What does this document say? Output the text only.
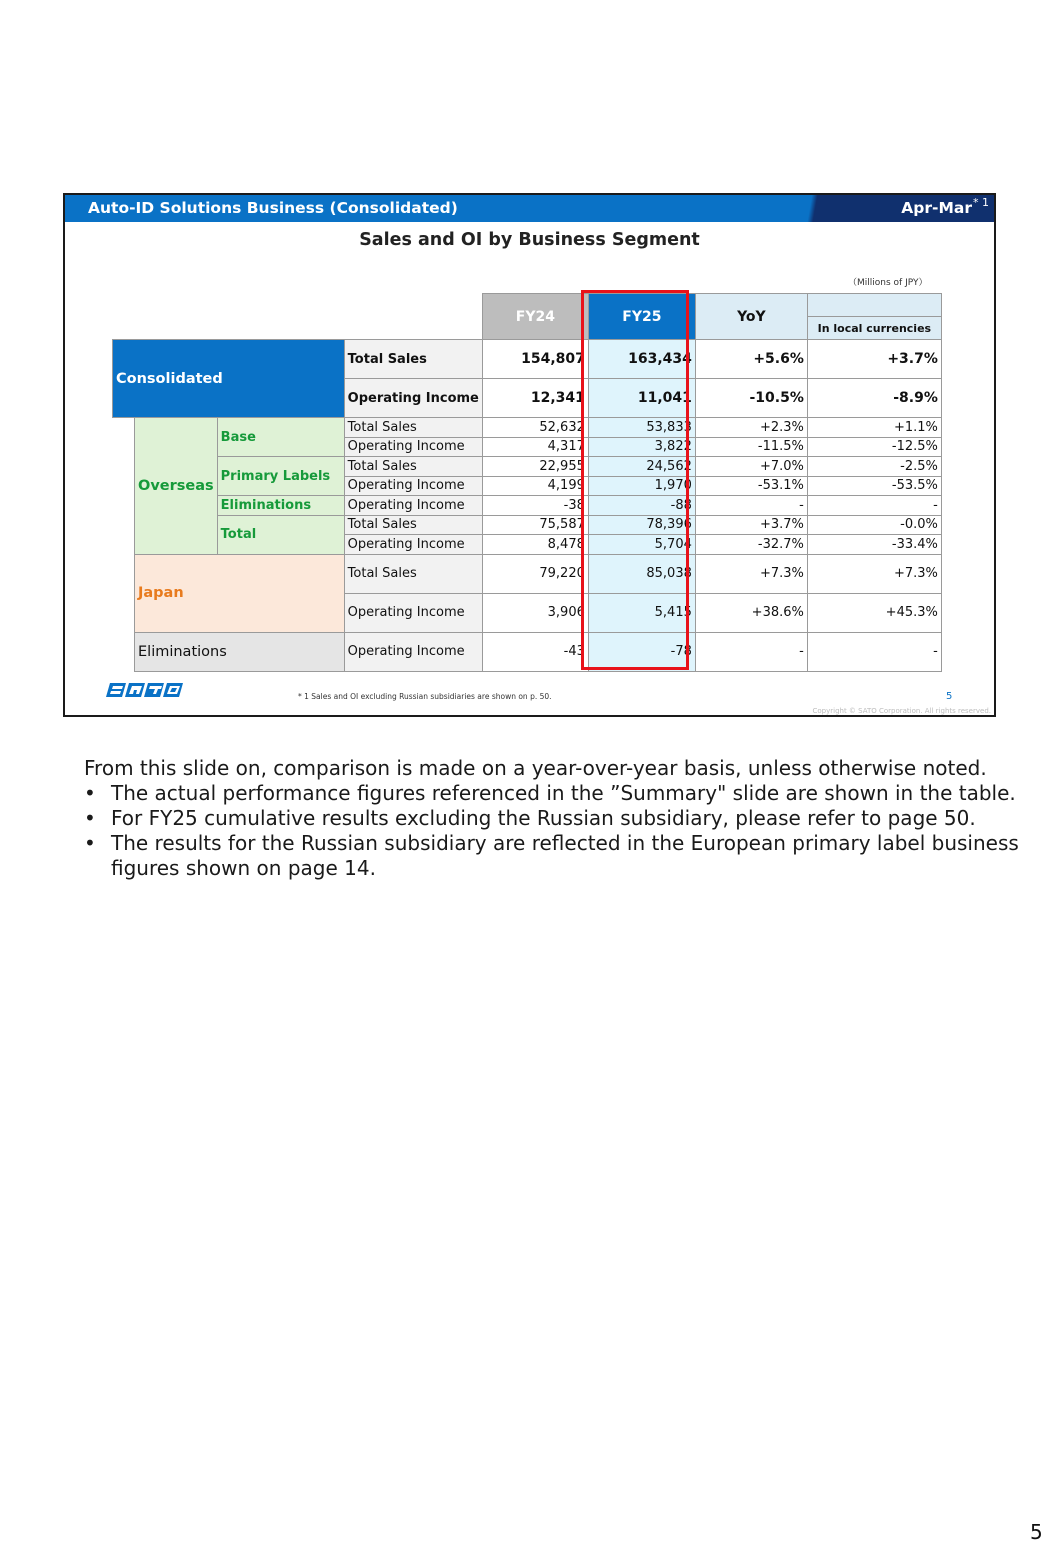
Auto-ID Solutions Business (Consolidated)	Apr-Mar * 1
Sales and OI by Business Segment
（Millions of JPY）
				FY24	FY25	YoY	
							In local currencies
Consolidated			Total Sales	154,807	163,434	+5.6%	+3.7%
			Operating Income	12,341	11,041	-10.5%	-8.9%
	Overseas	Base	Total Sales	52,632	53,833	+2.3%	+1.1%
			Operating Income	4,317	3,822	-11.5%	-12.5%
		Primary Labels	Total Sales	22,955	24,562	+7.0%	-2.5%
			Operating Income	4,199	1,970	-53.1%	-53.5%
		Eliminations	Operating Income	-38	-88	-	-
		Total	Total Sales	75,587	78,396	+3.7%	-0.0%
			Operating Income	8,478	5,704	-32.7%	-33.4%
	Japan		Total Sales	79,220	85,038	+7.3%	+7.3%
			Operating Income	3,906	5,415	+38.6%	+45.3%
	Eliminations		Operating Income	-43	-78	-	-
* 1 Sales and OI excluding Russian subsidiaries are shown on p. 50.	5
Copyright © SATO Corporation. All rights reserved.
From this slide on, comparison is made on a year-over-year basis, unless otherwise noted.
• The actual performance figures referenced in the ”Summary" slide are shown in the table.
• For FY25 cumulative results excluding the Russian subsidiary, please refer to page 50.
• The results for the Russian subsidiary are reflected in the European primary label business figures shown on page 14.
5
